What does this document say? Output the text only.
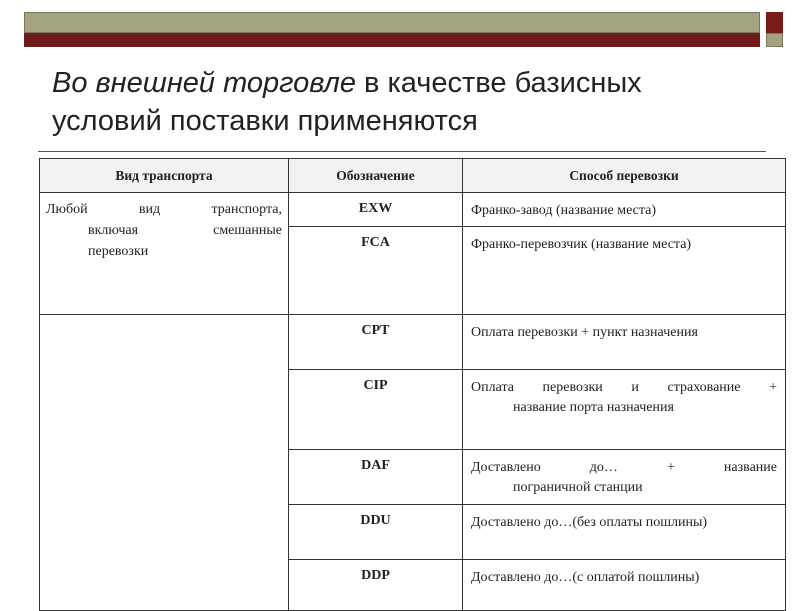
Во внешней торговле в качестве базисных
условий поставки применяются
Вид транспорта	Обозначение	Способ перевозки

Любой вид транспорта,
включая смешанные
перевозки	EXW	Франко-завод (название места)
	FCA	Франко-перевозчик (название места)
	CPT	Оплата перевозки + пункт назначения
	CIP	Оплата перевозки и страхование +
название порта назначения

	DAF	Доставлено до… + название
пограничной станции

	DDU	Доставлено до…(без оплаты пошлины)
	DDP	Доставлено до…(с оплатой пошлины)
